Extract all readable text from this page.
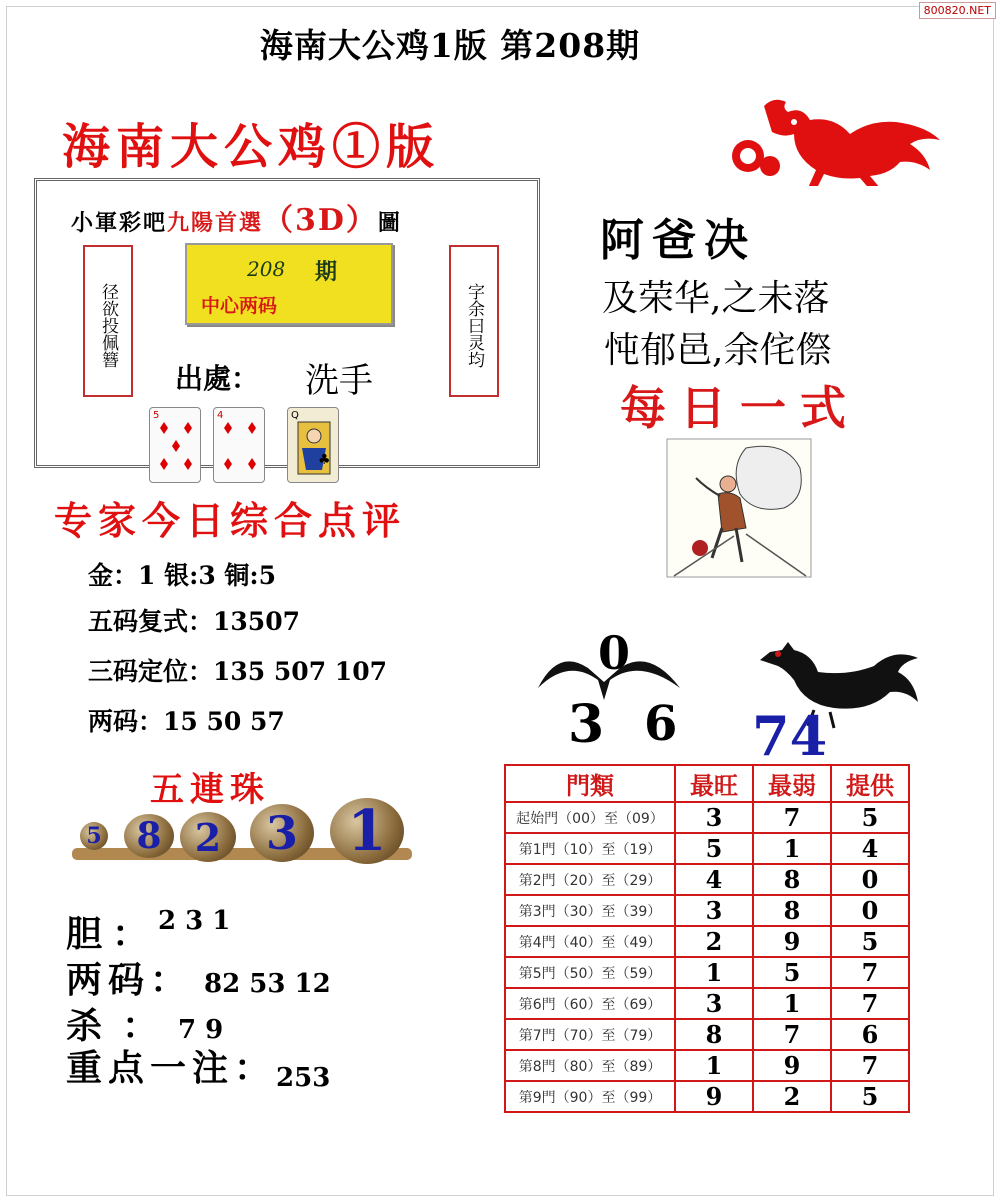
800820.NET
海南大公鸡1版 第208期
海南大公鸡①版
小軍彩吧九陽首選（3D）圖
径欲投佩簪	字余曰灵均
208 期
中心两码
出處： 洗手
5	4	Q
♣
阿爸决
及荣华,之未落
忳郁邑,余侘傺
每日一式
专家今日综合点评
金：1 银:3 铜:5
五码复式：13507
三码定位：135 507 107
两码：15 50 57
0
3 6 74
五連珠
5 8 2 3 1
胆：2 3 1
两码： 82 53 12
杀：7 9
重点一注：253
門類	最旺	最弱	提供
起始門（00）至（09）	3	7	5
第1門（10）至（19）	5	1	4
第2門（20）至（29）	4	8	0
第3門（30）至（39）	3	8	0
第4門（40）至（49）	2	9	5
第5門（50）至（59）	1	5	7
第6門（60）至（69）	3	1	7
第7門（70）至（79）	8	7	6
第8門（80）至（89）	1	9	7
第9門（90）至（99）	9	2	5
